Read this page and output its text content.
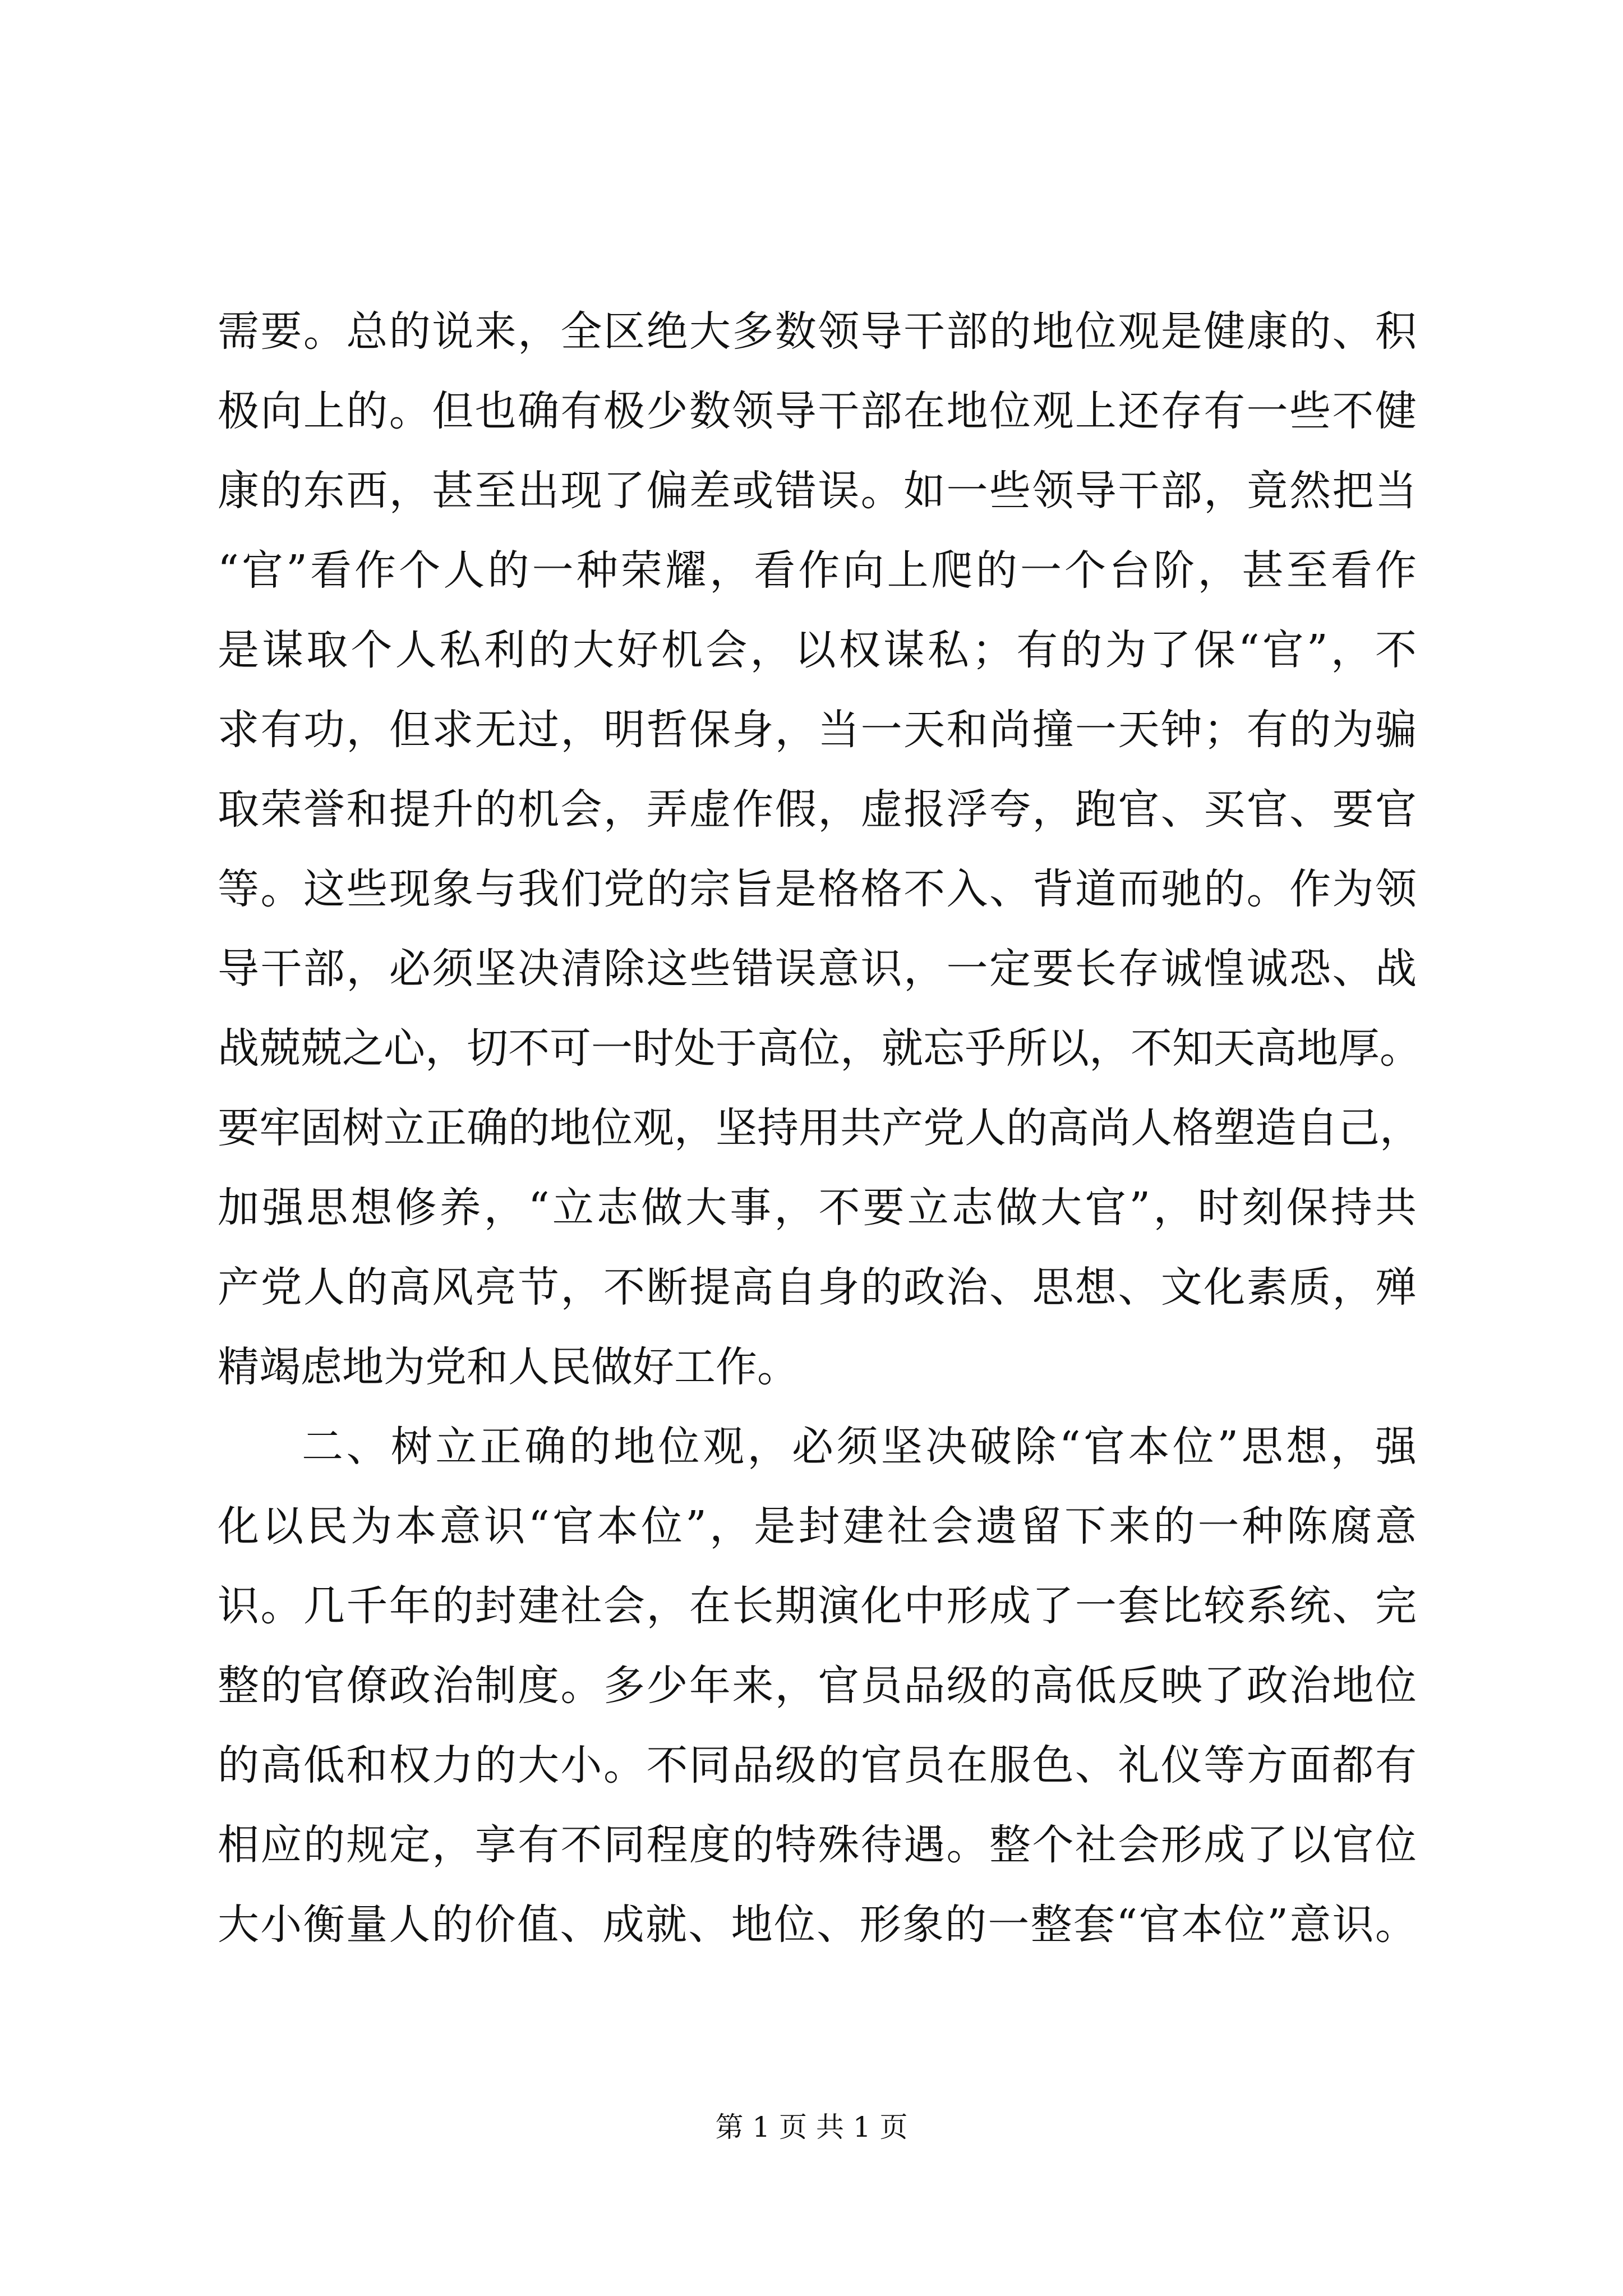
需要。总的说来，全区绝大多数领导干部的地位观是健康的、积
极向上的。但也确有极少数领导干部在地位观上还存有一些不健
康的东西，甚至出现了偏差或错误。如一些领导干部，竟然把当
“官”看作个人的一种荣耀，看作向上爬的一个台阶，甚至看作
是谋取个人私利的大好机会，以权谋私；有的为了保“官”，不
求有功，但求无过，明哲保身，当一天和尚撞一天钟；有的为骗
取荣誉和提升的机会，弄虚作假，虚报浮夸，跑官、买官、要官
等。这些现象与我们党的宗旨是格格不入、背道而驰的。作为领
导干部，必须坚决清除这些错误意识，一定要长存诚惶诚恐、战
战兢兢之心，切不可一时处于高位，就忘乎所以，不知天高地厚。
要牢固树立正确的地位观，坚持用共产党人的高尚人格塑造自己，
加强思想修养，“立志做大事，不要立志做大官”，时刻保持共
产党人的高风亮节，不断提高自身的政治、思想、文化素质，殚
精竭虑地为党和人民做好工作。
二、树立正确的地位观，必须坚决破除“官本位”思想，强
化以民为本意识“官本位”，是封建社会遗留下来的一种陈腐意
识。几千年的封建社会，在长期演化中形成了一套比较系统、完
整的官僚政治制度。多少年来，官员品级的高低反映了政治地位
的高低和权力的大小。不同品级的官员在服色、礼仪等方面都有
相应的规定，享有不同程度的特殊待遇。整个社会形成了以官位
大小衡量人的价值、成就、地位、形象的一整套“官本位”意识。
第 1 页 共 1 页
